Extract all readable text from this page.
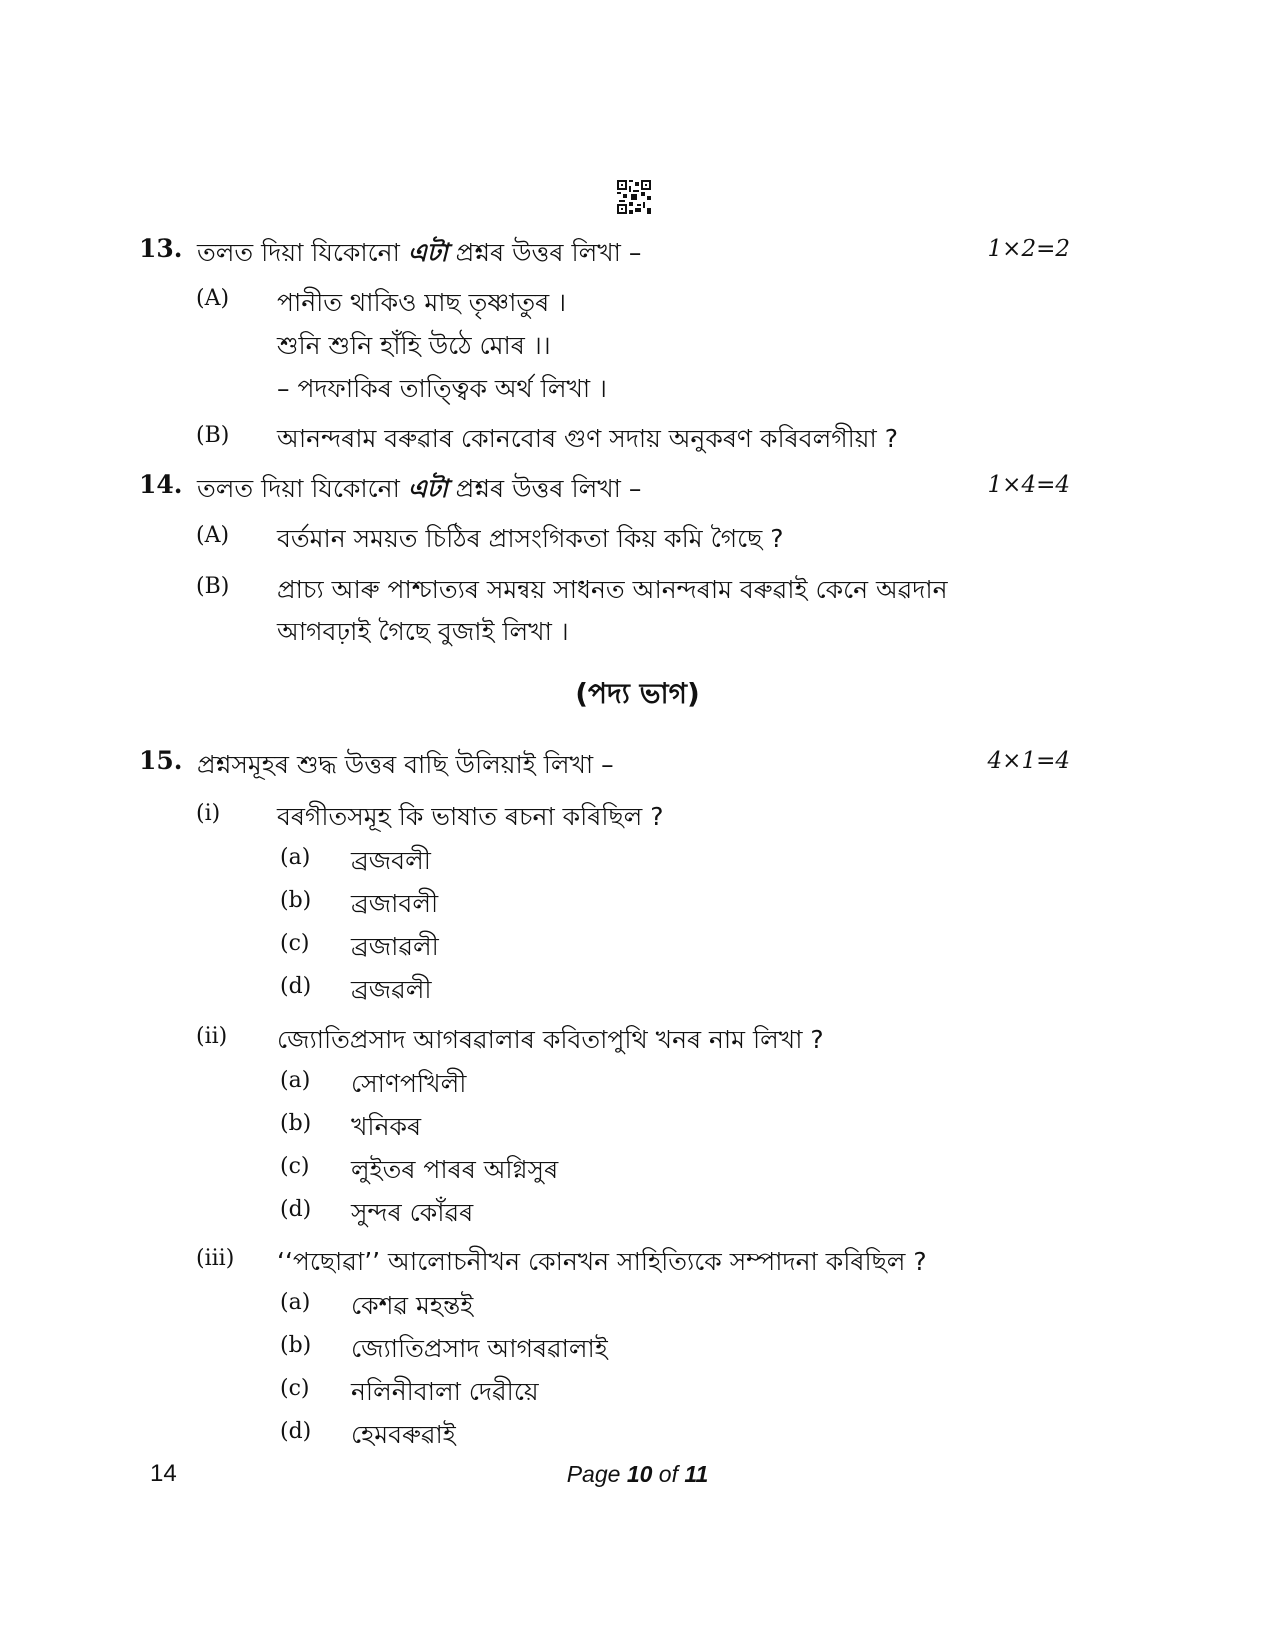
13. তলত দিয়া যিকোনো এটা প্ৰশ্নৰ উত্তৰ লিখা –	1×2=2
(A) পানীত থাকিও মাছ তৃষ্ণাতুৰ ।
শুনি শুনি হাঁহি উঠে মোৰ ।।
– পদফাকিৰ তাত্ত্বিক অৰ্থ লিখা ।
(B) আনন্দৰাম বৰুৱাৰ কোনবোৰ গুণ সদায় অনুকৰণ কৰিবলগীয়া ?
14. তলত দিয়া যিকোনো এটা প্ৰশ্নৰ উত্তৰ লিখা –	1×4=4
(A) বৰ্তমান সময়ত চিঠিৰ প্ৰাসংগিকতা কিয় কমি গৈছে ?
(B) প্ৰাচ্য আৰু পাশ্চাত্যৰ সমন্বয় সাধনত আনন্দৰাম বৰুৱাই কেনে অৱদান
আগবঢ়াই গৈছে বুজাই লিখা ।
(পদ্য ভাগ)
15. প্ৰশ্নসমূহৰ শুদ্ধ উত্তৰ বাছি উলিয়াই লিখা –	4×1=4
(i) বৰগীতসমূহ কি ভাষাত ৰচনা কৰিছিল ?
(a) ব্ৰজবলী
(b) ব্ৰজাবলী
(c) ব্ৰজাৱলী
(d) ব্ৰজৱলী
(ii) জ্যোতিপ্ৰসাদ আগৰৱালাৰ কবিতাপুথি খনৰ নাম লিখা ?
(a) সোণপখিলী
(b) খনিকৰ
(c) লুইতৰ পাৰৰ অগ্নিসুৰ
(d) সুন্দৰ কোঁৱৰ
(iii) ‘‘পছোৱা’’ আলোচনীখন কোনখন সাহিত্যিকে সম্পাদনা কৰিছিল ?
(a) কেশৱ মহন্তই
(b) জ্যোতিপ্ৰসাদ আগৰৱালাই
(c) নলিনীবালা দেৱীয়ে
(d) হেমবৰুৱাই
14	Page 10 of 11
